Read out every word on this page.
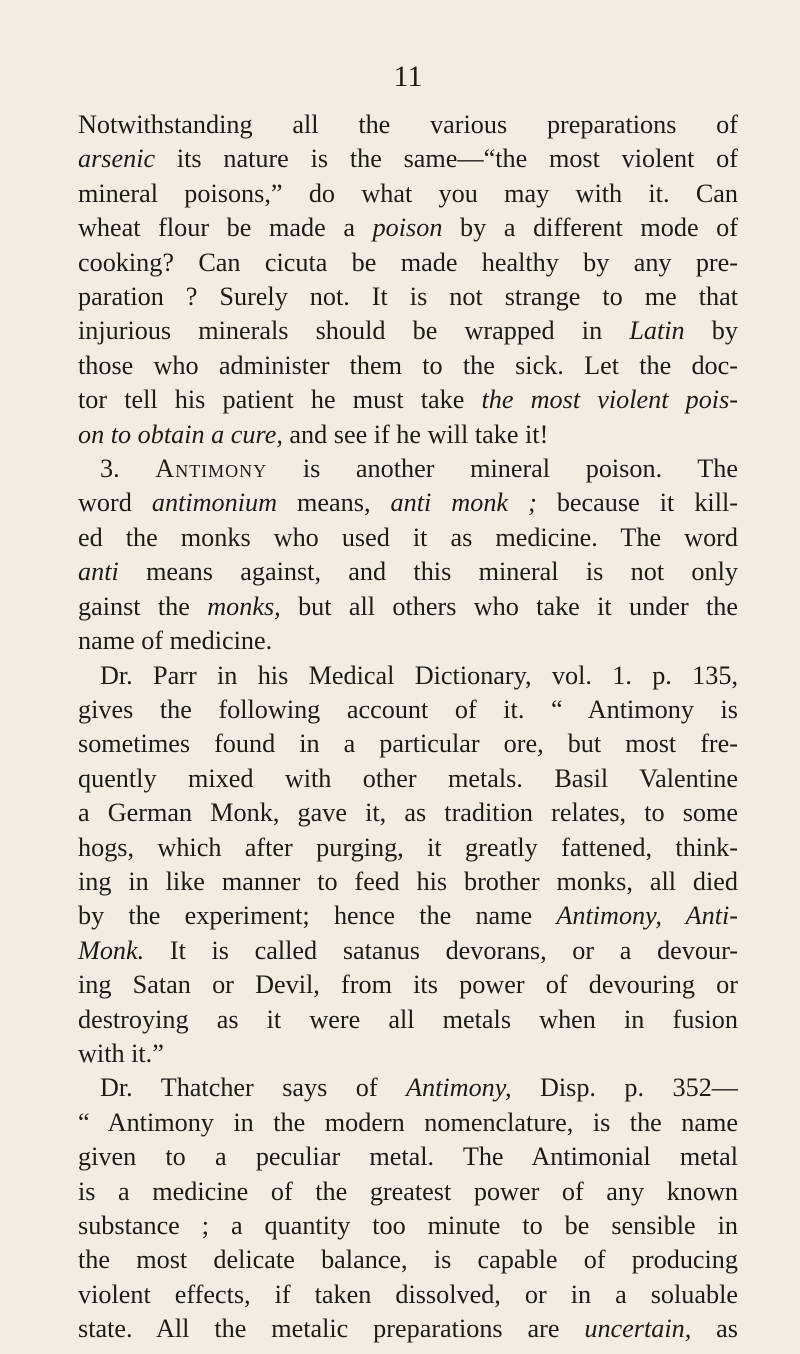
11
Notwithstanding all the various preparations of
arsenic its nature is the same—“the most violent of
mineral poisons,” do what you may with it. Can
wheat flour be made a poison by a different mode of
cooking? Can cicuta be made healthy by any pre-
paration ? Surely not. It is not strange to me that
injurious minerals should be wrapped in Latin by
those who administer them to the sick. Let the doc-
tor tell his patient he must take the most violent pois-
on to obtain a cure, and see if he will take it!
3. Antimony is another mineral poison. The
word antimonium means, anti monk ; because it kill-
ed the monks who used it as medicine. The word
anti means against, and this mineral is not only
gainst the monks, but all others who take it under the
name of medicine.
Dr. Parr in his Medical Dictionary, vol. 1. p. 135,
gives the following account of it. “ Antimony is
sometimes found in a particular ore, but most fre-
quently mixed with other metals. Basil Valentine
a German Monk, gave it, as tradition relates, to some
hogs, which after purging, it greatly fattened, think-
ing in like manner to feed his brother monks, all died
by the experiment; hence the name Antimony, Anti-
Monk. It is called satanus devorans, or a devour-
ing Satan or Devil, from its power of devouring or
destroying as it were all metals when in fusion
with it.”
Dr. Thatcher says of Antimony, Disp. p. 352—
“ Antimony in the modern nomenclature, is the name
given to a peculiar metal. The Antimonial metal
is a medicine of the greatest power of any known
substance ; a quantity too minute to be sensible in
the most delicate balance, is capable of producing
violent effects, if taken dissolved, or in a soluable
state. All the metalic preparations are uncertain, as
